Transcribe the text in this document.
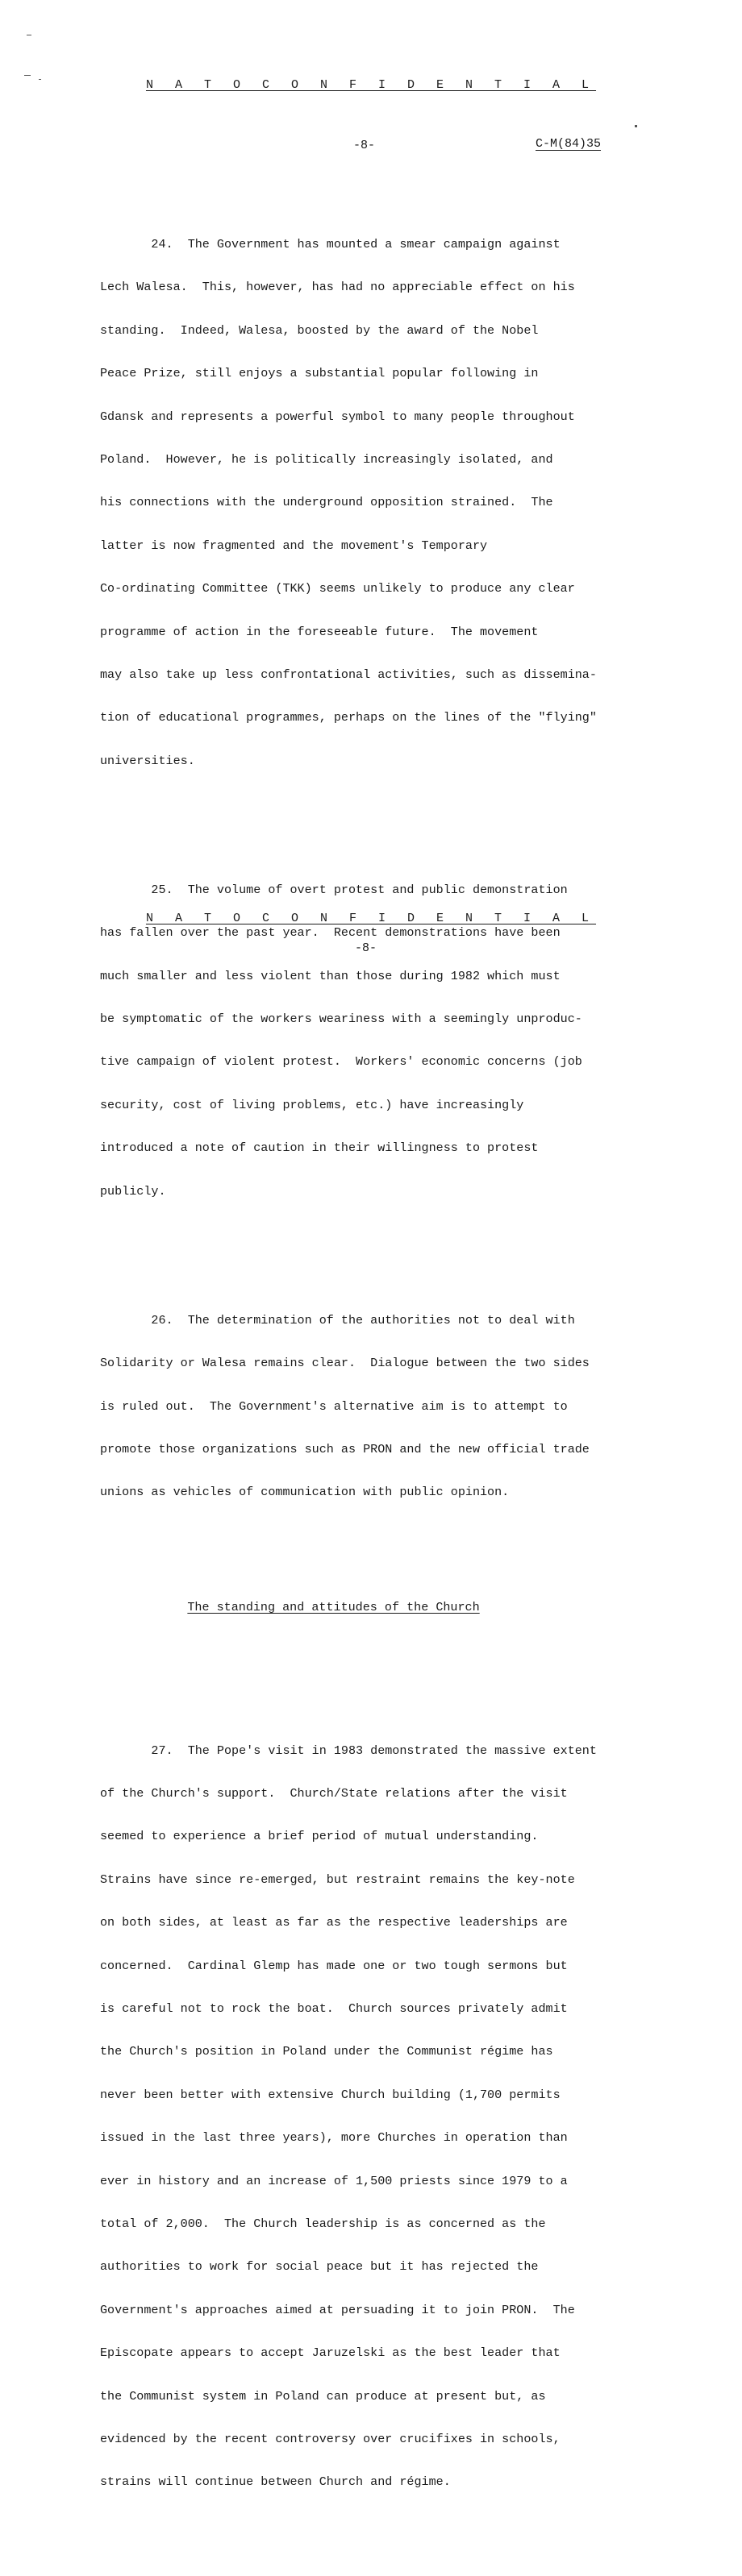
N A T O C O N F I D E N T I A L
-8-	C-M(84)35

24.  The Government has mounted a smear campaign against

Lech Walesa.  This, however, has had no appreciable effect on his

standing.  Indeed, Walesa, boosted by the award of the Nobel

Peace Prize, still enjoys a substantial popular following in

Gdansk and represents a powerful symbol to many people throughout

Poland.  However, he is politically increasingly isolated, and

his connections with the underground opposition strained.  The

latter is now fragmented and the movement's Temporary

Co-ordinating Committee (TKK) seems unlikely to produce any clear

programme of action in the foreseeable future.  The movement

may also take up less confrontational activities, such as dissemina-

tion of educational programmes, perhaps on the lines of the "flying"

universities.

25.  The volume of overt protest and public demonstration

has fallen over the past year.  Recent demonstrations have been

much smaller and less violent than those during 1982 which must

be symptomatic of the workers weariness with a seemingly unproduc-

tive campaign of violent protest.  Workers' economic concerns (job

security, cost of living problems, etc.) have increasingly

introduced a note of caution in their willingness to protest

publicly.

26.  The determination of the authorities not to deal with

Solidarity or Walesa remains clear.  Dialogue between the two sides

is ruled out.  The Government's alternative aim is to attempt to

promote those organizations such as PRON and the new official trade

unions as vehicles of communication with public opinion.

The standing and attitudes of the Church

27.  The Pope's visit in 1983 demonstrated the massive extent

of the Church's support.  Church/State relations after the visit

seemed to experience a brief period of mutual understanding.

Strains have since re-emerged, but restraint remains the key-note

on both sides, at least as far as the respective leaderships are

concerned.  Cardinal Glemp has made one or two tough sermons but

is careful not to rock the boat.  Church sources privately admit

the Church's position in Poland under the Communist régime has

never been better with extensive Church building (1,700 permits

issued in the last three years), more Churches in operation than

ever in history and an increase of 1,500 priests since 1979 to a

total of 2,000.  The Church leadership is as concerned as the

authorities to work for social peace but it has rejected the

Government's approaches aimed at persuading it to join PRON.  The

Episcopate appears to accept Jaruzelski as the best leader that

the Communist system in Poland can produce at present but, as

evidenced by the recent controversy over crucifixes in schools,

strains will continue between Church and régime.

N A T O C O N F I D E N T I A L
-8-
